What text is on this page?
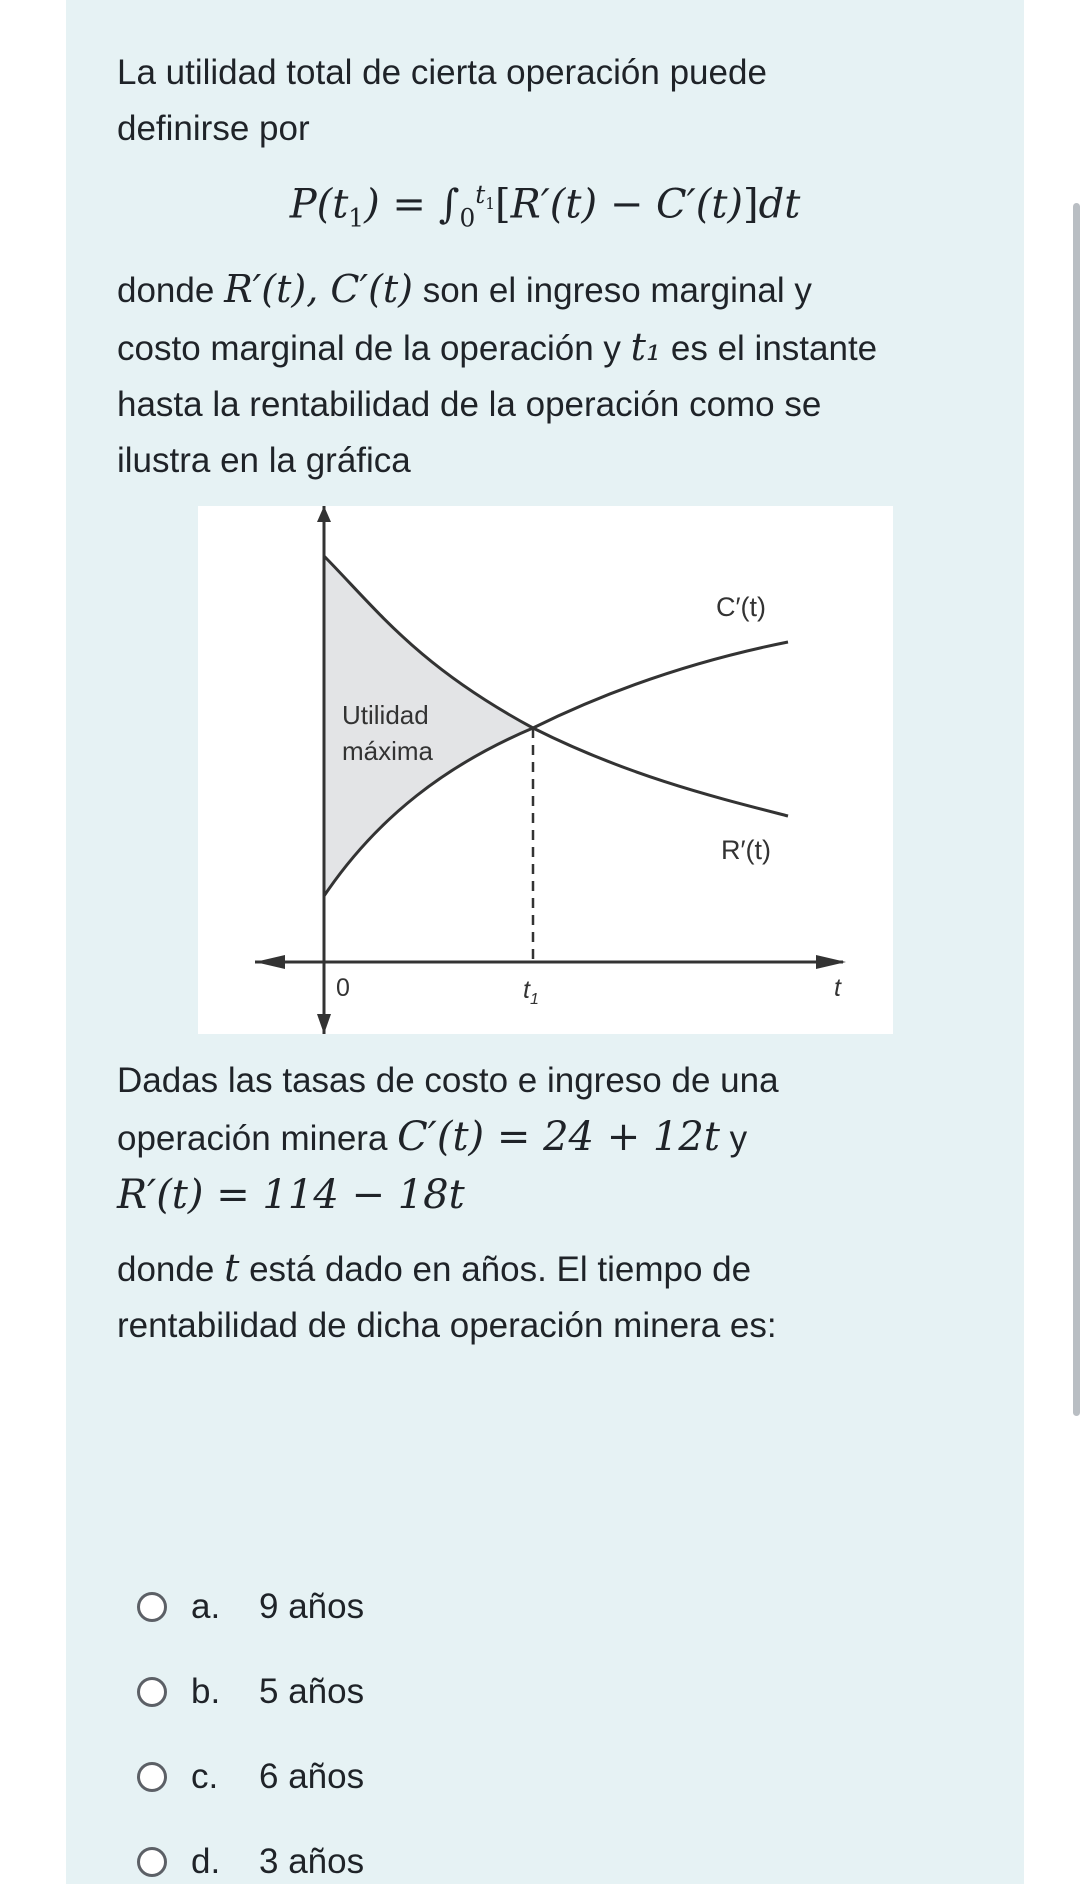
La utilidad total de cierta operación puede
definirse por

$P(t_1) = \int_0^{t_1}[R'(t) - C'(t)]dt$

donde R′(t), C′(t) son el ingreso marginal y
costo marginal de la operación y t₁ es el instante
hasta la rentabilidad de la operación como se
ilustra en la gráfica

C′(t)
R′(t)
Utilidad
máxima
0	$t_1$	t

Dadas las tasas de costo e ingreso de una
operación minera C′(t) = 24 + 12t y
R′(t) = 114 − 18t

donde t está dado en años. El tiempo de
rentabilidad de dicha operación minera es:

a.	9 años
b.	5 años
c.	6 años
d.	3 años
